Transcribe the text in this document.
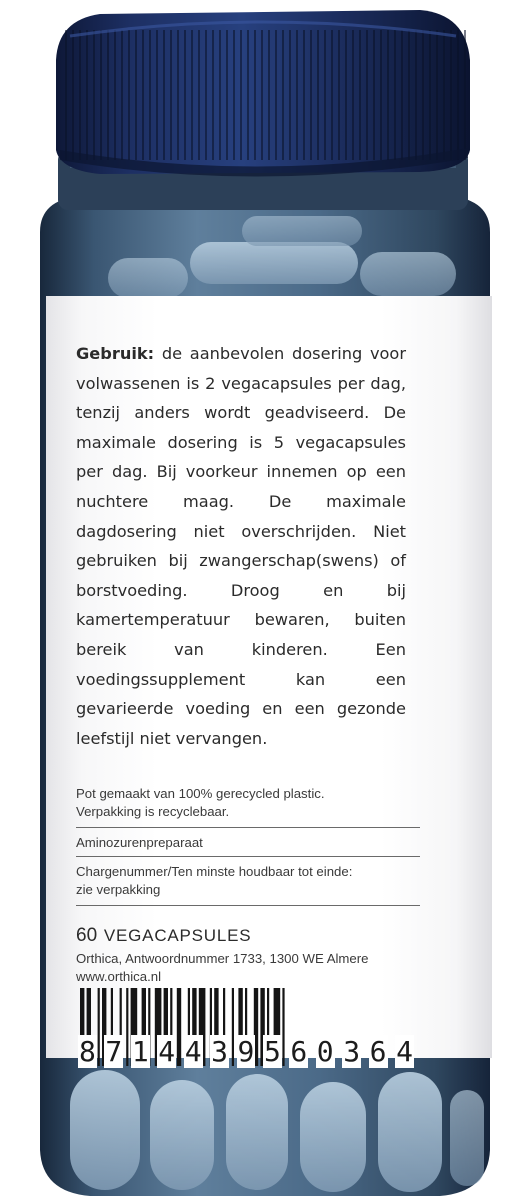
Gebruik: de aanbevolen dosering voor volwassenen is 2 vegacapsules per dag, tenzij anders wordt geadviseerd. De maximale dosering is 5 vegacapsules per dag. Bij voorkeur innemen op een nuchtere maag. De maximale dagdosering niet overschrijden. Niet gebruiken bij zwangerschap(swens) of borstvoeding. Droog en bij kamertemperatuur bewaren, buiten bereik van kinderen. Een voedingssupplement kan een gevarieerde voeding en een gezonde leefstijl niet vervangen.

Pot gemaakt van 100% gerecycled plastic.

Verpakking is recyclebaar.

Aminozurenpreparaat

Chargenummer/Ten minste houdbaar tot einde:

zie verpakking

60 VEGACAPSULES

Orthica, Antwoordnummer 1733, 1300 WE Almere

www.orthica.nl

8 7 1 4 4 3 9 5 6 0 3 6 4
